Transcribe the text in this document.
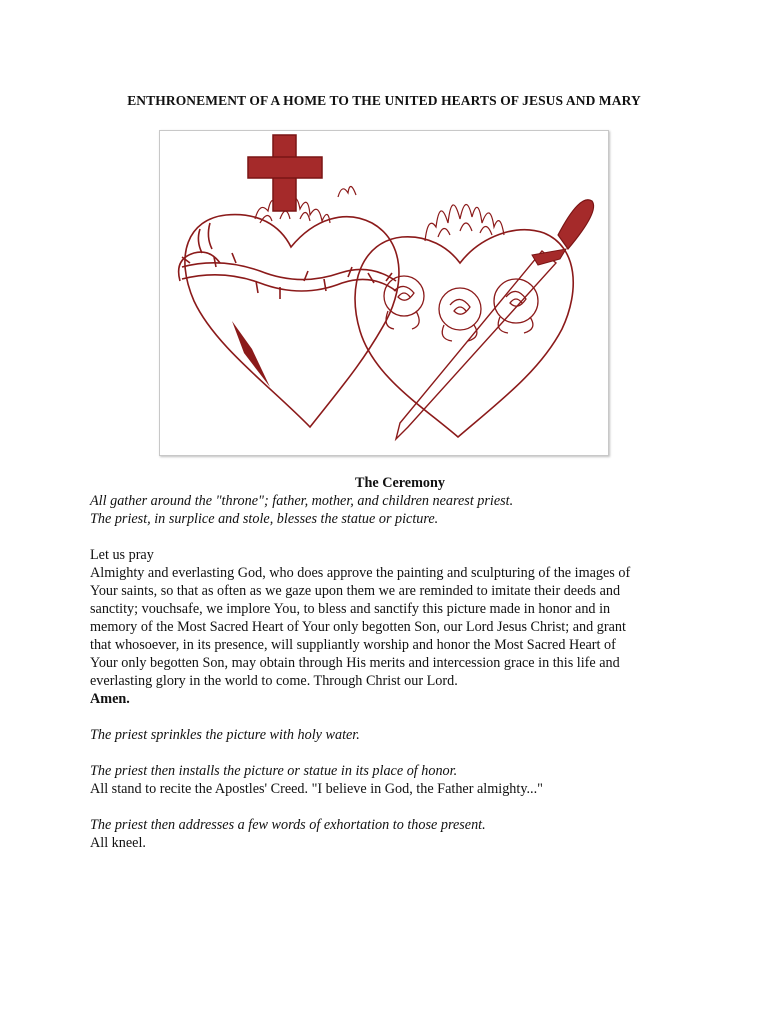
ENTHRONEMENT OF A HOME TO THE UNITED HEARTS OF JESUS AND MARY

The Ceremony

All gather around the "throne"; father, mother, and children nearest priest.

The priest, in surplice and stole, blesses the statue or picture.

Let us pray

Almighty and everlasting God, who does approve the painting and sculpturing of the images of

Your saints, so that as often as we gaze upon them we are reminded to imitate their deeds and

sanctity; vouchsafe, we implore You, to bless and sanctify this picture made in honor and in

memory of the Most Sacred Heart of Your only begotten Son, our Lord Jesus Christ; and grant

that whosoever, in its presence, will suppliantly worship and honor the Most Sacred Heart of

Your only begotten Son, may obtain through His merits and intercession grace in this life and

everlasting glory in the world to come. Through Christ our Lord.

Amen.

The priest sprinkles the picture with holy water.

The priest then installs the picture or statue in its place of honor.

All stand to recite the Apostles' Creed. "I believe in God, the Father almighty..."

The priest then addresses a few words of exhortation to those present.

All kneel.
